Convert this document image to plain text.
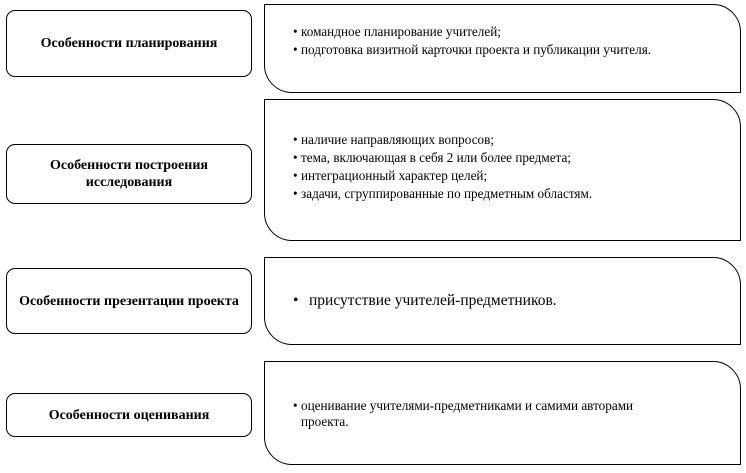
Особенности планирования
• командное планирование учителей;
• подготовка визитной карточки проекта и публикации учителя.
Особенности построения исследования
• наличие направляющих вопросов;
• тема, включающая в себя 2 или более предмета;
• интеграционный характер целей;
• задачи, сгруппированные по предметным областям.
Особенности презентации проекта
•	присутствие учителей-предметников.
Особенности оценивания
• оценивание учителями-предметниками и самими авторами проекта.
